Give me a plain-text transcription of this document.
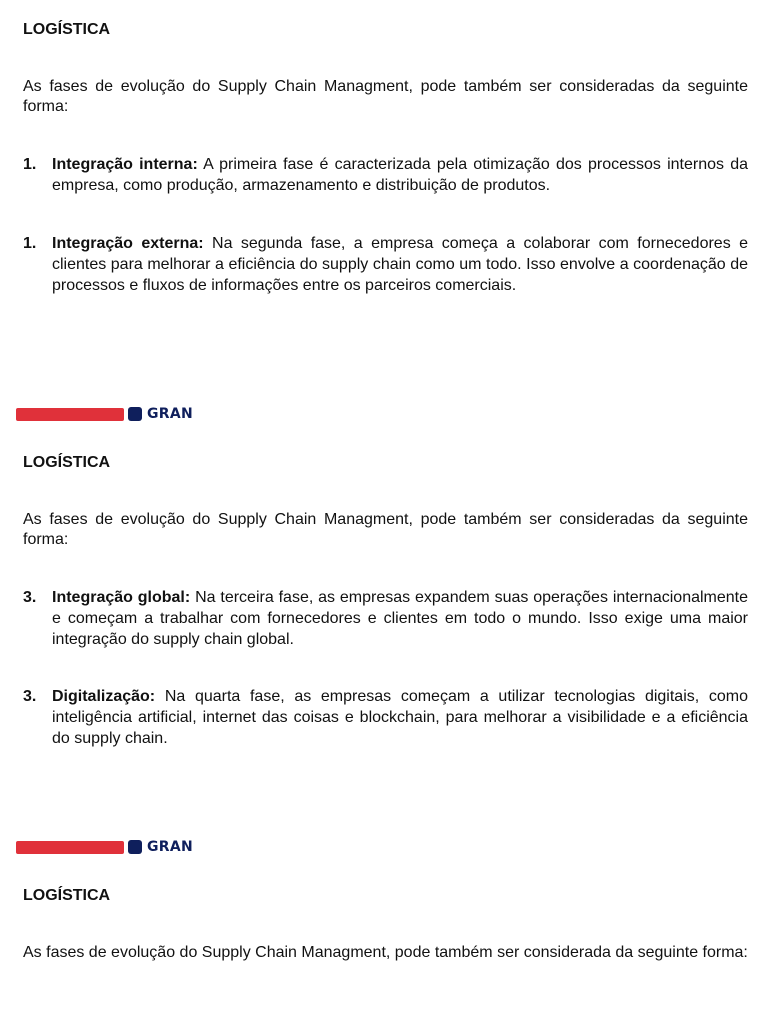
LOGÍSTICA
As fases de evolução do Supply Chain Managment, pode também ser consideradas da seguinte forma:
1. Integração interna: A primeira fase é caracterizada pela otimização dos processos internos da empresa, como produção, armazenamento e distribuição de produtos.
1. Integração externa: Na segunda fase, a empresa começa a colaborar com fornecedores e clientes para melhorar a eficiência do supply chain como um todo. Isso envolve a coordenação de processos e fluxos de informações entre os parceiros comerciais.
GRAN
LOGÍSTICA
As fases de evolução do Supply Chain Managment, pode também ser consideradas da seguinte forma:
3. Integração global: Na terceira fase, as empresas expandem suas operações internacionalmente e começam a trabalhar com fornecedores e clientes em todo o mundo. Isso exige uma maior integração do supply chain global.
3. Digitalização: Na quarta fase, as empresas começam a utilizar tecnologias digitais, como inteligência artificial, internet das coisas e blockchain, para melhorar a visibilidade e a eficiência do supply chain.
GRAN
LOGÍSTICA
As fases de evolução do Supply Chain Managment, pode também ser considerada da seguinte forma:
